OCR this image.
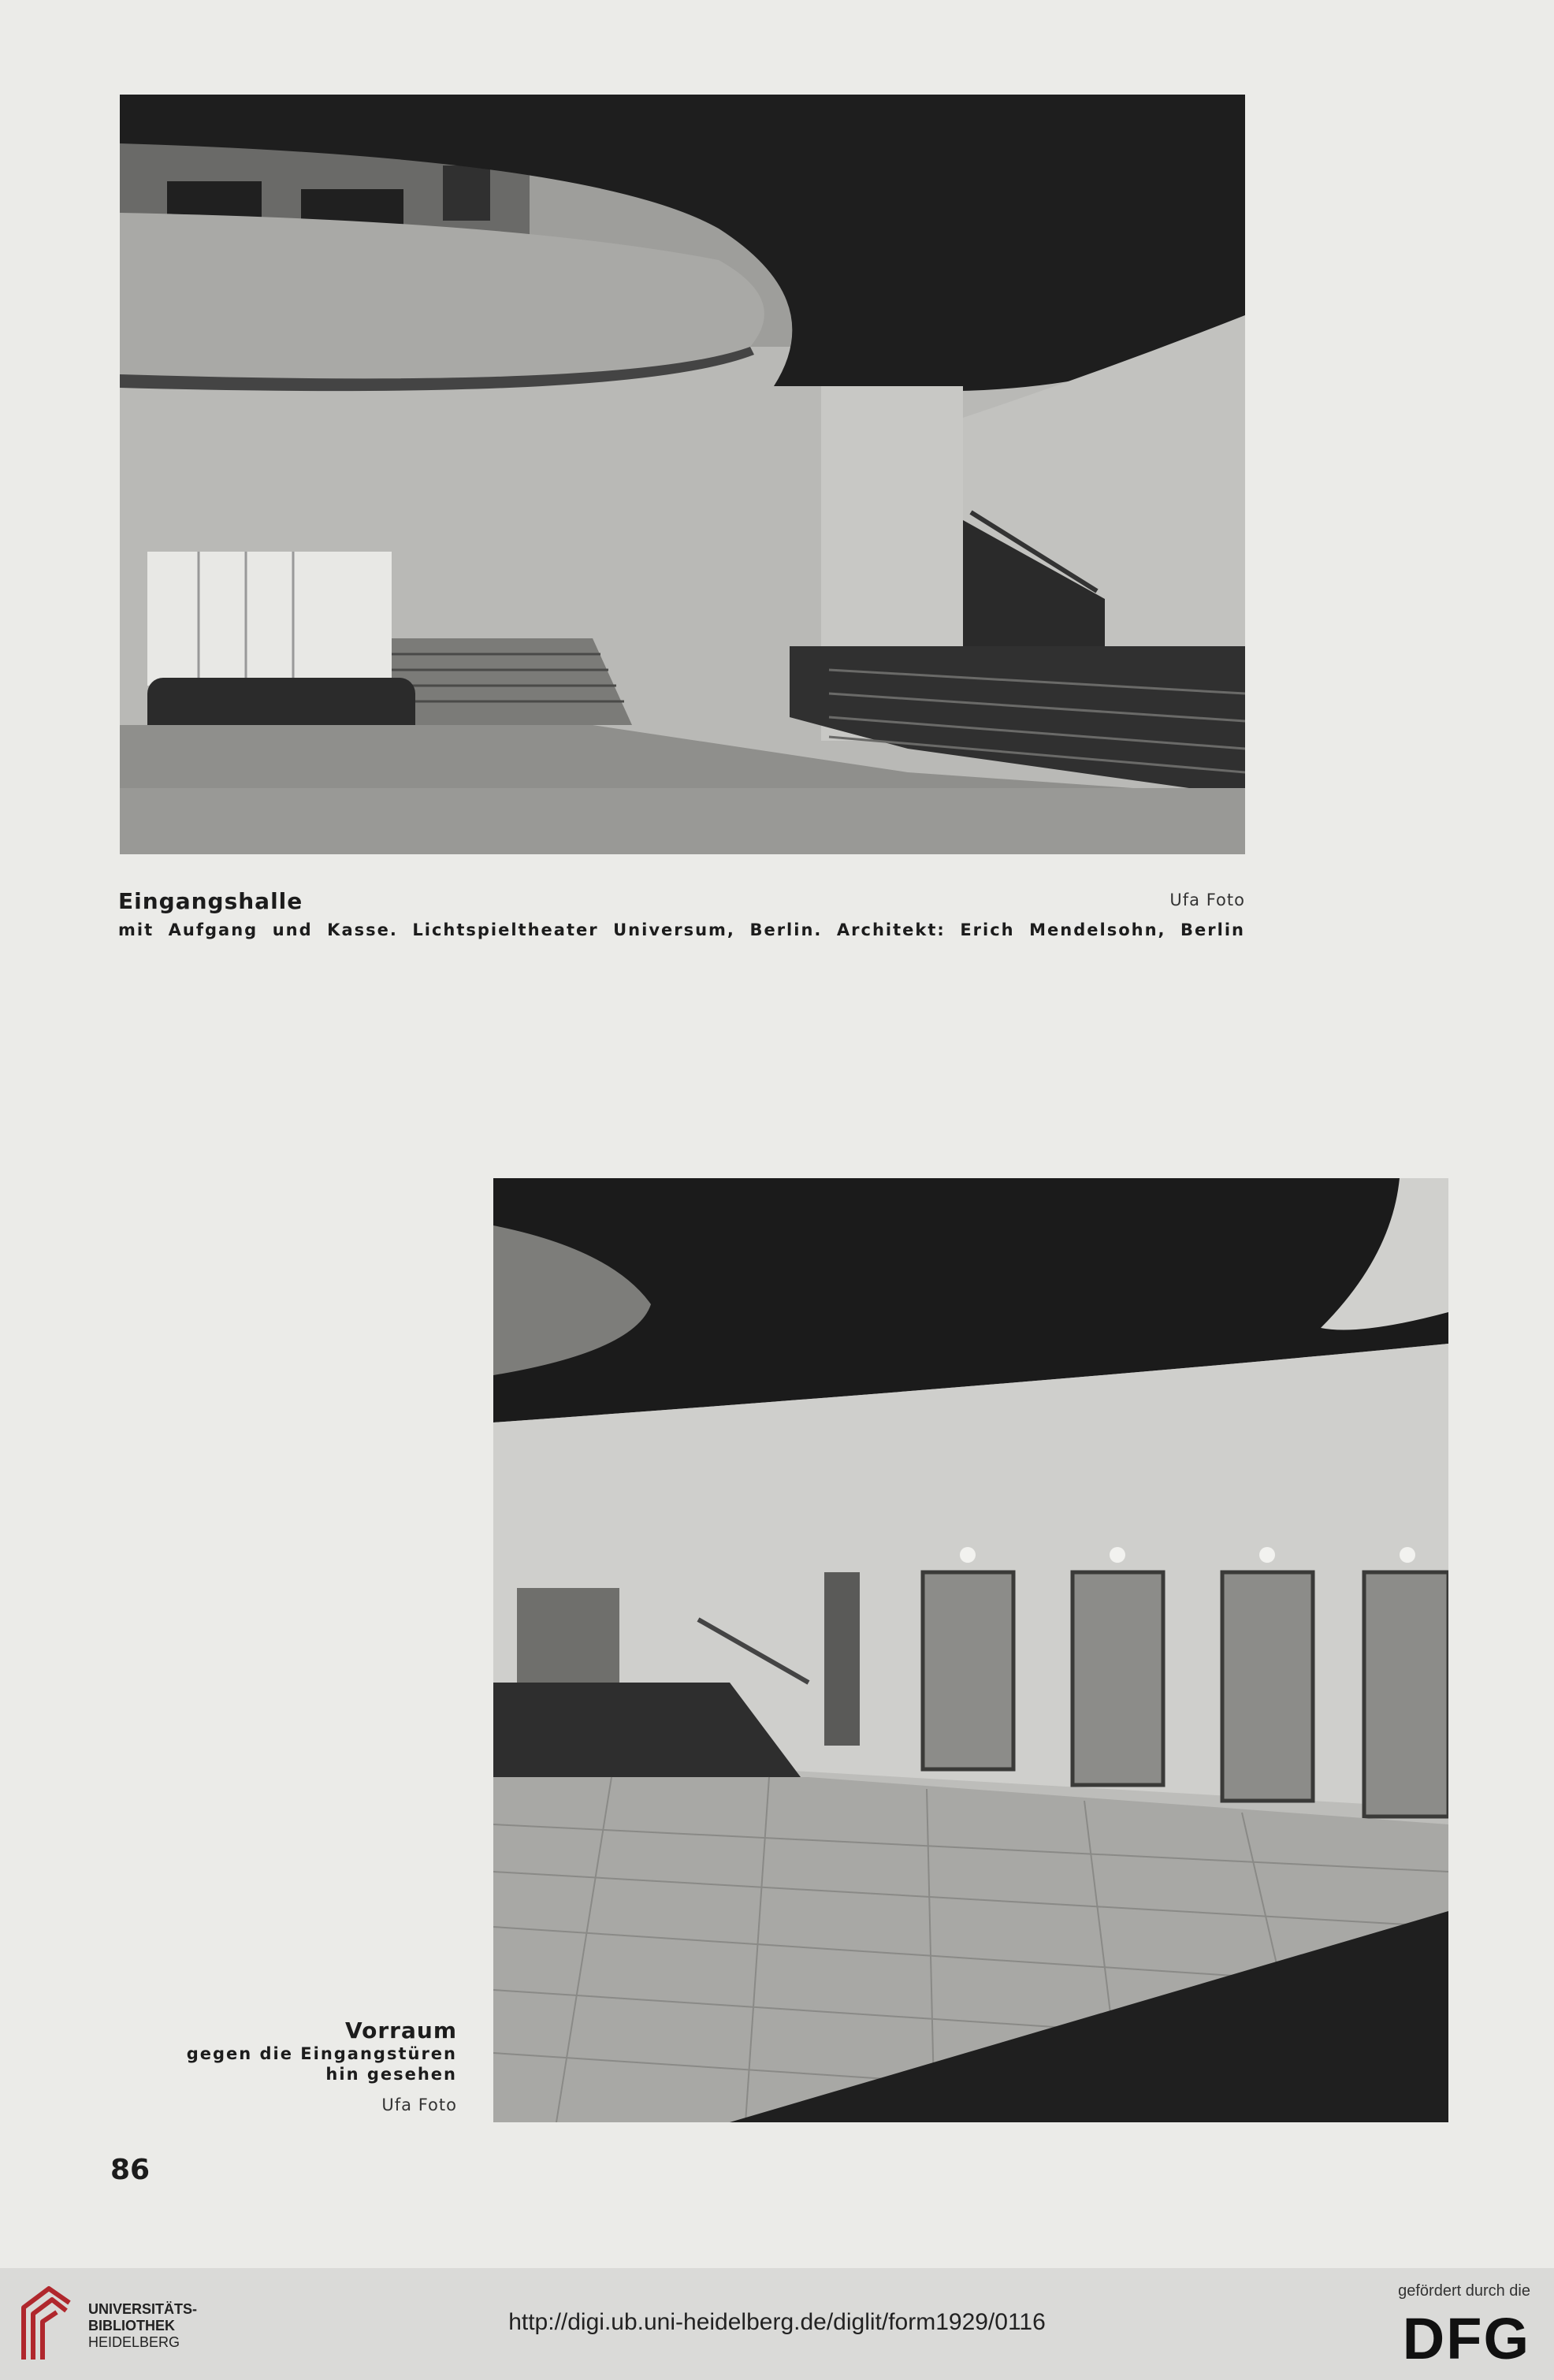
Eingangshalle	Ufa Foto
mit Aufgang und Kasse. Lichtspieltheater Universum, Berlin. Architekt: Erich Mendelsohn, Berlin
Vorraum
gegen die Eingangstüren
hin gesehen
Ufa Foto
86
UNIVERSITÄTS-
BIBLIOTHEK
HEIDELBERG
http://digi.ub.uni-heidelberg.de/diglit/form1929/0116
gefördert durch die
DFG
